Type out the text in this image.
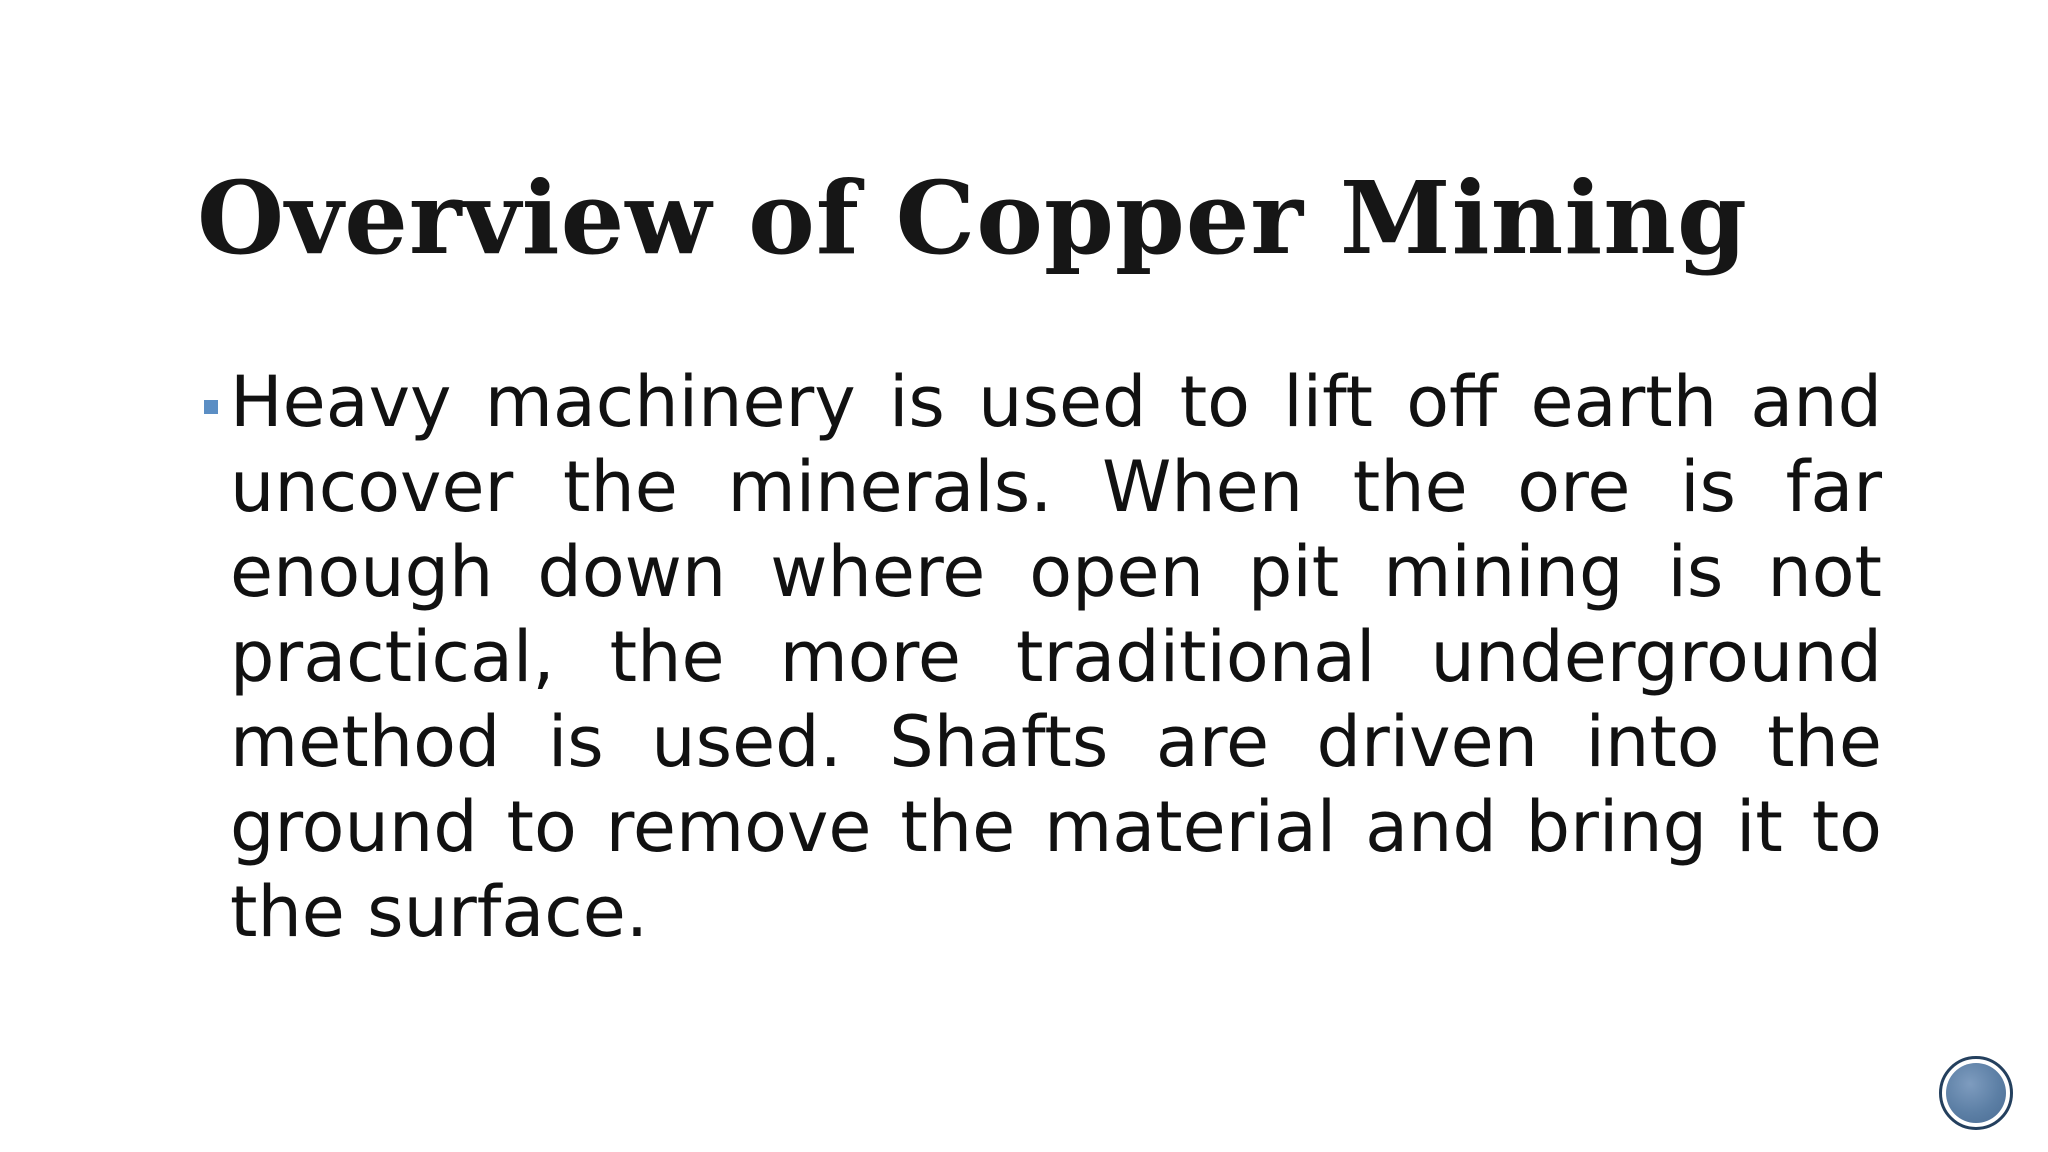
Overview of Copper Mining

Heavy machinery is used to lift off earth and uncover the minerals. When the ore is far enough down where open pit mining is not practical, the more traditional underground method is used. Shafts are driven into the ground to remove the material and bring it to the surface.
